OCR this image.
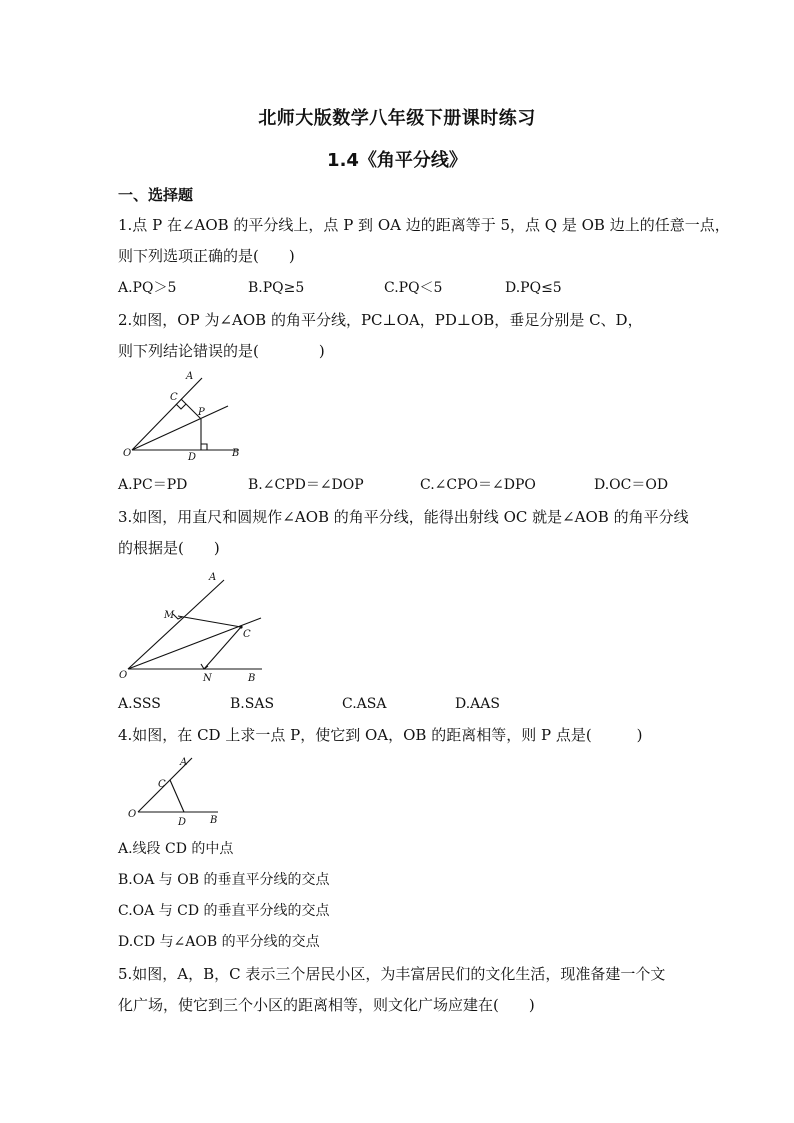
北师大版数学八年级下册课时练习
1.4《角平分线》
一、选择题
1.点 P 在∠AOB 的平分线上，点 P 到 OA 边的距离等于 5，点 Q 是 OB 边上的任意一点，
则下列选项正确的是(　　)
A.PQ＞5	B.PQ≥5	C.PQ＜5	D.PQ≤5
2.如图，OP 为∠AOB 的角平分线，PC⊥OA，PD⊥OB，垂足分别是 C、D，
则下列结论错误的是(　　　　)
A
C
P
O	D	B
A.PC＝PD	B.∠CPD＝∠DOP	C.∠CPO＝∠DPO	D.OC＝OD
3.如图，用直尺和圆规作∠AOB 的角平分线，能得出射线 OC 就是∠AOB 的角平分线
的根据是(　　)
A
M
C
O	N	B
A.SSS	B.SAS	C.ASA	D.AAS
4.如图，在 CD 上求一点 P，使它到 OA，OB 的距离相等，则 P 点是(　　　)
A
C
O
D B
A.线段 CD 的中点
B.OA 与 OB 的垂直平分线的交点
C.OA 与 CD 的垂直平分线的交点
D.CD 与∠AOB 的平分线的交点
5.如图，A，B，C 表示三个居民小区，为丰富居民们的文化生活，现准备建一个文
化广场，使它到三个小区的距离相等，则文化广场应建在(　　)
